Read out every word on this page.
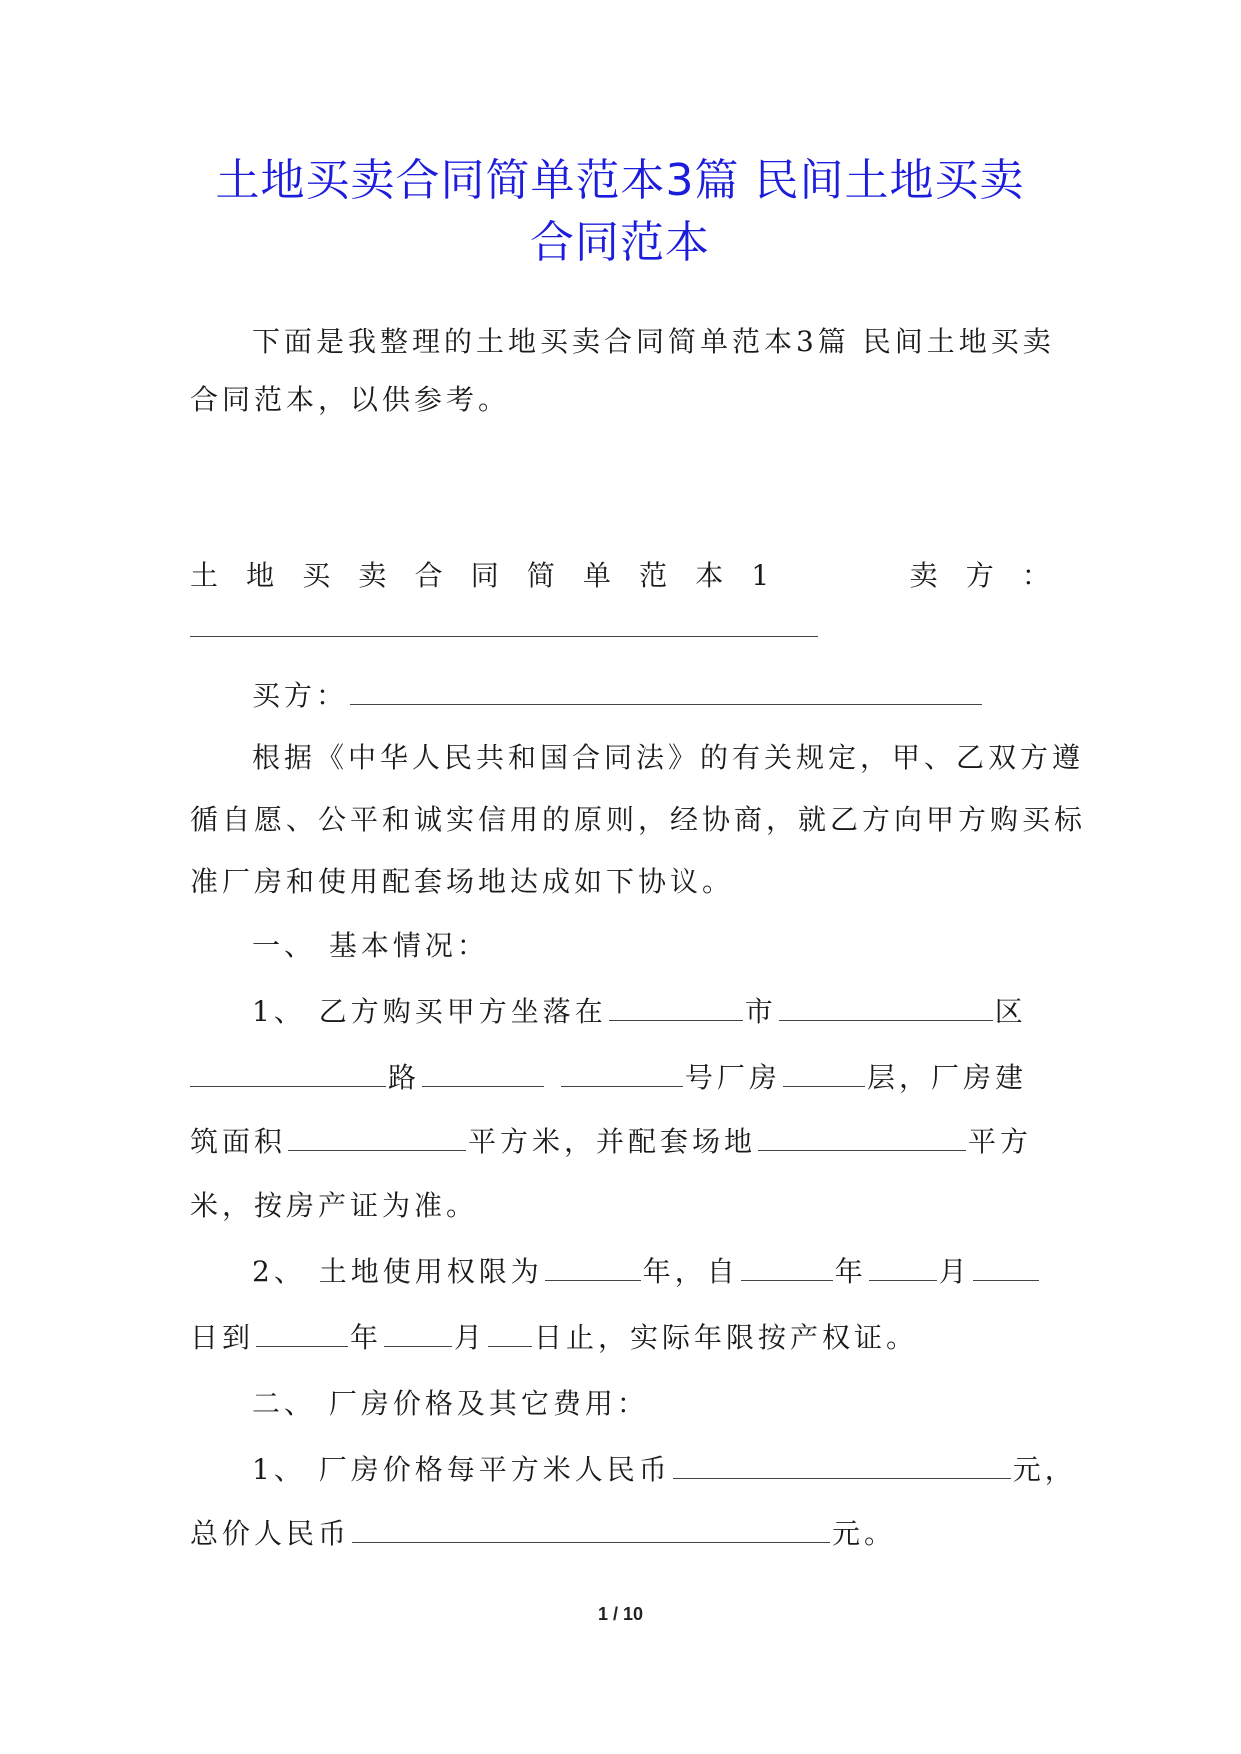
土地买卖合同简单范本3篇 民间土地买卖
合同范本
下面是我整理的土地买卖合同简单范本3篇 民间土地买卖
合同范本，以供参考。
土 地 买 卖 合 同 简 单 范 本 1	卖 方 ：
买方：
根据《中华人民共和国合同法》的有关规定，甲、乙双方遵
循自愿、公平和诚实信用的原则，经协商，就乙方向甲方购买标
准厂房和使用配套场地达成如下协议。
一、 基本情况：
1、 乙方购买甲方坐落在	市	区
路	号厂房	层，厂房建
筑面积	平方米，并配套场地	平方
米，按房产证为准。
2、 土地使用权限为	年，自	年	月
日到	年	月 日止，实际年限按产权证。
二、 厂房价格及其它费用：
1、 厂房价格每平方米人民币	元，
总价人民币	元。
1 / 10
